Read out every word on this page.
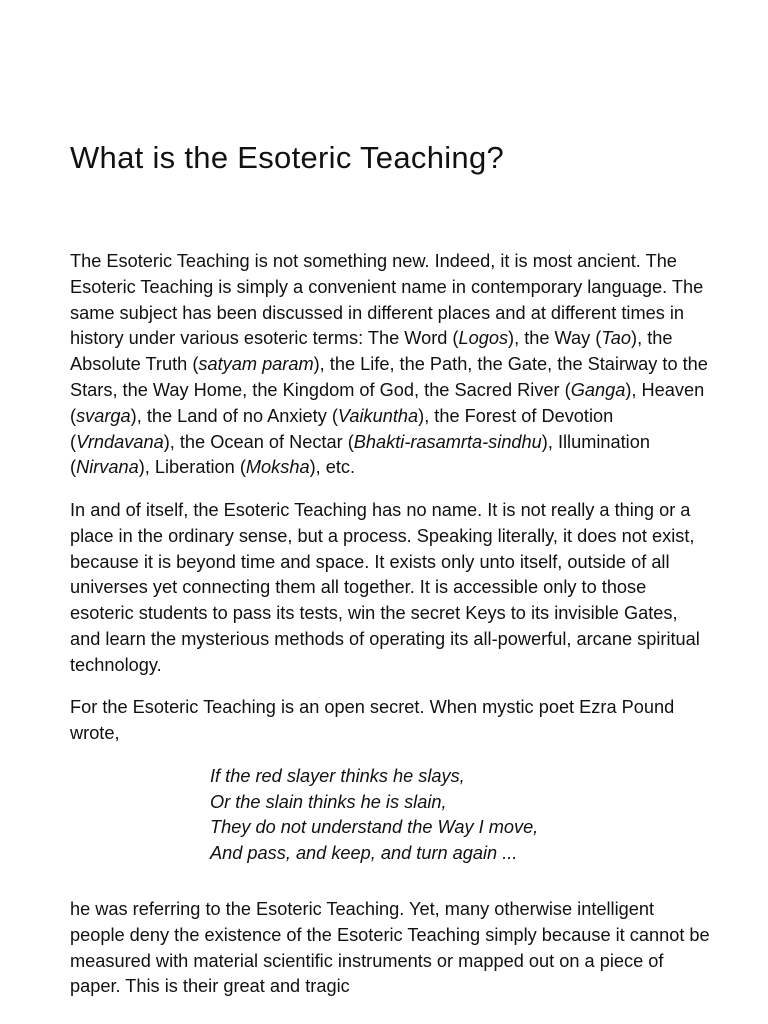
What is the Esoteric Teaching?

The Esoteric Teaching is not something new. Indeed, it is most ancient. The Esoteric Teaching is simply a convenient name in contemporary language. The same subject has been discussed in different places and at different times in history under various esoteric terms: The Word (Logos), the Way (Tao), the Absolute Truth (satyam param), the Life, the Path, the Gate, the Stairway to the Stars, the Way Home, the Kingdom of God, the Sacred River (Ganga), Heaven (svarga), the Land of no Anxiety (Vaikuntha), the Forest of Devotion (Vrndavana), the Ocean of Nectar (Bhakti-rasamrta-sindhu), Illumination (Nirvana), Liberation (Moksha), etc.

In and of itself, the Esoteric Teaching has no name. It is not really a thing or a place in the ordinary sense, but a process. Speaking literally, it does not exist, because it is beyond time and space. It exists only unto itself, outside of all universes yet connecting them all together. It is accessible only to those esoteric students to pass its tests, win the secret Keys to its invisible Gates, and learn the mysterious methods of operating its all-powerful, arcane spiritual technology.

For the Esoteric Teaching is an open secret. When mystic poet Ezra Pound wrote,

If the red slayer thinks he slays,
Or the slain thinks he is slain,
They do not understand the Way I move,
And pass, and keep, and turn again ...

he was referring to the Esoteric Teaching. Yet, many otherwise intelligent people deny the existence of the Esoteric Teaching simply because it cannot be measured with material scientific instruments or mapped out on a piece of paper. This is their great and tragic
